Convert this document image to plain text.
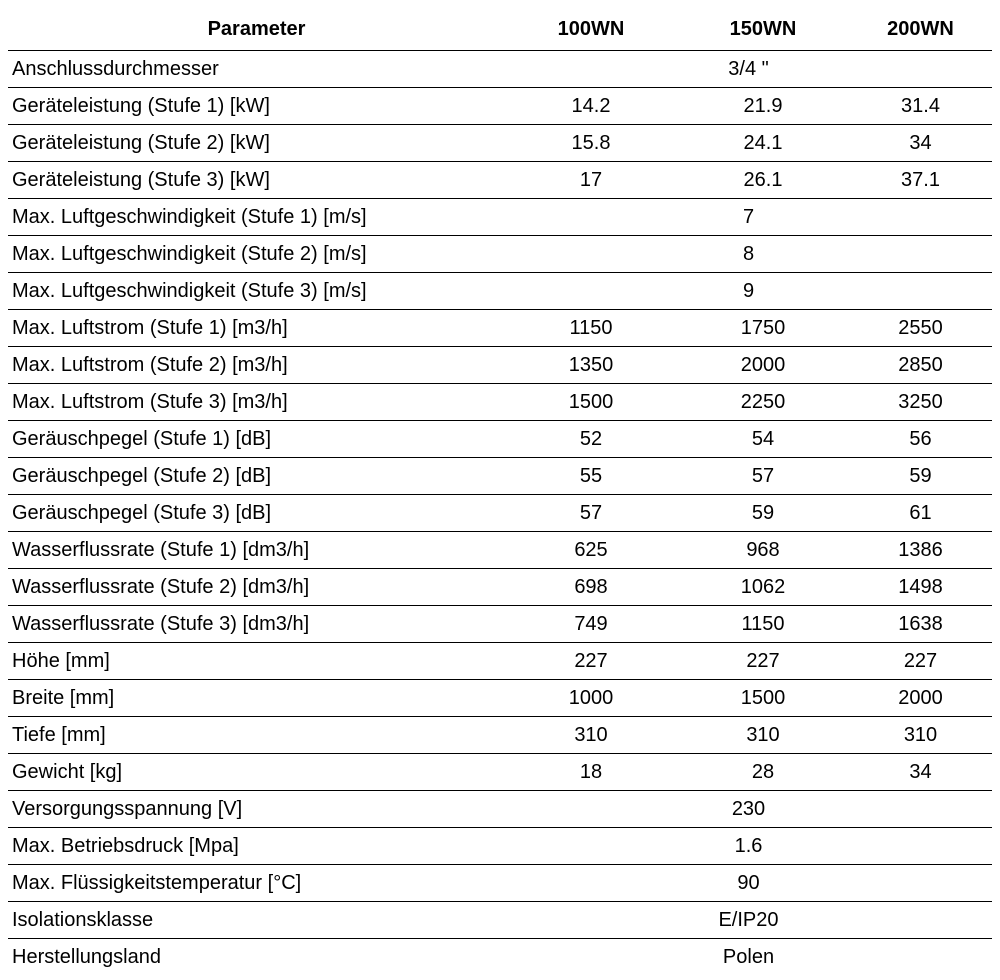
Parameter	100WN	150WN	200WN
Anschlussdurchmesser	3/4 "		
Geräteleistung (Stufe 1) [kW]	14.2	21.9	31.4
Geräteleistung (Stufe 2) [kW]	15.8	24.1	34
Geräteleistung (Stufe 3) [kW]	17	26.1	37.1
Max. Luftgeschwindigkeit (Stufe 1) [m/s]	7		
Max. Luftgeschwindigkeit (Stufe 2) [m/s]	8		
Max. Luftgeschwindigkeit (Stufe 3) [m/s]	9		
Max. Luftstrom (Stufe 1) [m3/h]	1150	1750	2550
Max. Luftstrom (Stufe 2) [m3/h]	1350	2000	2850
Max. Luftstrom (Stufe 3) [m3/h]	1500	2250	3250
Geräuschpegel (Stufe 1) [dB]	52	54	56
Geräuschpegel (Stufe 2) [dB]	55	57	59
Geräuschpegel (Stufe 3) [dB]	57	59	61
Wasserflussrate (Stufe 1) [dm3/h]	625	968	1386
Wasserflussrate (Stufe 2) [dm3/h]	698	1062	1498
Wasserflussrate (Stufe 3) [dm3/h]	749	1150	1638
Höhe [mm]	227	227	227
Breite [mm]	1000	1500	2000
Tiefe [mm]	310	310	310
Gewicht [kg]	18	28	34
Versorgungsspannung [V]	230		
Max. Betriebsdruck [Mpa]	1.6		
Max. Flüssigkeitstemperatur [°C]	90		
Isolationsklasse	E/IP20		
Herstellungsland	Polen		
